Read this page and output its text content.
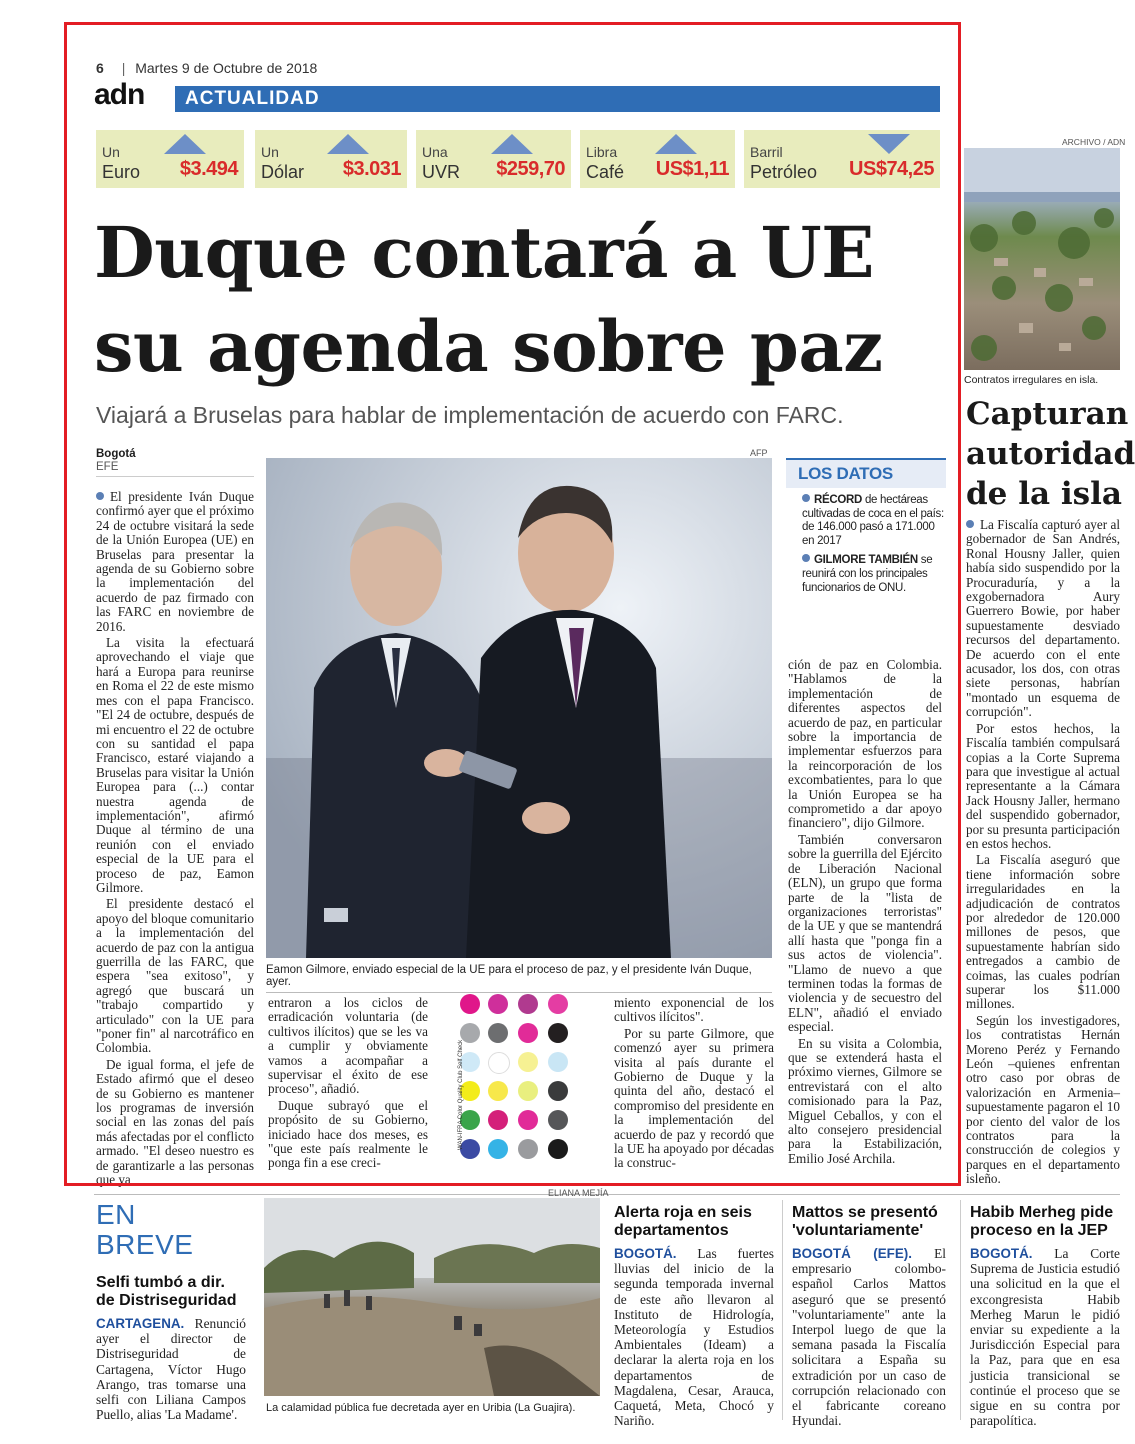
6 | Martes 9 de Octubre de 2018
adn ACTUALIDAD
Un
Euro $3.494
Un
Dólar $3.031
Una
UVR $259,70
Libra
Café US$1,11
Barril
Petróleo US$74,25
Duque contará a UE
su agenda sobre paz
Viajará a Bruselas para hablar de implementación de acuerdo con FARC.
Bogotá
EFE

El presidente Iván Duque confirmó ayer que el próximo 24 de octubre visitará la sede de la Unión Europea (UE) en Bruselas para presentar la agenda de su Gobierno sobre la implementación del acuerdo de paz firmado con las FARC en noviembre de 2016.

La visita la efectuará aprovechando el viaje que hará a Europa para reunirse en Roma el 22 de este mismo mes con el papa Francisco. "El 24 de octubre, después de mi encuentro el 22 de octubre con su santidad el papa Francisco, estaré viajando a Bruselas para visitar la Unión Europea para (...) contar nuestra agenda de implementación", afirmó Duque al término de una reunión con el enviado especial de la UE para el proceso de paz, Eamon Gilmore.

El presidente destacó el apoyo del bloque comunitario a la implementación del acuerdo de paz con la antigua guerrilla de las FARC, que espera "sea exitoso", y agregó que buscará un "trabajo compartido y articulado" con la UE para "poner fin" al narcotráfico en Colombia.

De igual forma, el jefe de Estado afirmó que el deseo de su Gobierno es mantener los programas de inversión social en las zonas del país más afectadas por el conflicto armado. "El deseo nuestro es de garantizarle a las personas que ya

AFP
Eamon Gilmore, enviado especial de la UE para el proceso de paz, y el presidente Iván Duque, ayer.

entraron a los ciclos de erradicación voluntaria (de cultivos ilícitos) que se les va a cumplir y obviamente vamos a acompañar a supervisar el éxito de ese proceso", añadió.

Duque subrayó que el propósito de su Gobierno, iniciado hace dos meses, es "que este país realmente le ponga fin a ese creci-

WAN-IFRA Color Quality Club Self Check

miento exponencial de los cultivos ilícitos".

Por su parte Gilmore, que comenzó ayer su primera visita al país durante el Gobierno de Duque y la quinta del año, destacó el compromiso del presidente en la implementación del acuerdo de paz y recordó que la UE ha apoyado por décadas la construc-

LOS DATOS
RÉCORD de hectáreas cultivadas de coca en el país: de 146.000 pasó a 171.000 en 2017
GILMORE TAMBIÉN se reunirá con los principales funcionarios de ONU.

ción de paz en Colombia. "Hablamos de la implementación de diferentes aspectos del acuerdo de paz, en particular sobre la importancia de implementar esfuerzos para la reincorporación de los excombatientes, para lo que la Unión Europea se ha comprometido a dar apoyo financiero", dijo Gilmore.

También conversaron sobre la guerrilla del Ejército de Liberación Nacional (ELN), un grupo que forma parte de la "lista de organizaciones terroristas" de la UE y que se mantendrá allí hasta que "ponga fin a sus actos de violencia". "Llamo de nuevo a que terminen todas la formas de violencia y de secuestro del ELN", añadió el enviado especial.

En su visita a Colombia, que se extenderá hasta el próximo viernes, Gilmore se entrevistará con el alto comisionado para la Paz, Miguel Ceballos, y con el alto consejero presidencial para la Estabilización, Emilio José Archila.

ARCHIVO / ADN
Contratos irregulares en isla.
Capturan
autoridad
de la isla

La Fiscalía capturó ayer al gobernador de San Andrés, Ronal Housny Jaller, quien había sido suspendido por la Procuraduría, y a la exgobernadora Aury Guerrero Bowie, por haber supuestamente desviado recursos del departamento. De acuerdo con el ente acusador, los dos, con otras siete personas, habrían "montado un esquema de corrupción".

Por estos hechos, la Fiscalía también compulsará copias a la Corte Suprema para que investigue al actual representante a la Cámara Jack Housny Jaller, hermano del suspendido gobernador, por su presunta participación en estos hechos.

La Fiscalía aseguró que tiene información sobre irregularidades en la adjudicación de contratos por alrededor de 120.000 millones de pesos, que supuestamente habrían sido entregados a cambio de coimas, las cuales podrían superar los $11.000 millones.

Según los investigadores, los contratistas Hernán Moreno Peréz y Fernando León –quienes enfrentan otro caso por obras de valorización en Armenia– supuestamente pagaron el 10 por ciento del valor de los contratos para la construcción de colegios y parques en el departamento isleño.

EN
BREVE
Selfi tumbó a dir. de Distriseguridad
CARTAGENA. Renunció ayer el director de Distriseguridad de Cartagena, Víctor Hugo Arango, tras tomarse una selfi con Liliana Campos Puello, alias 'La Madame'.
ELIANA MEJÍA
La calamidad pública fue decretada ayer en Uribia (La Guajira).
Alerta roja en seis departamentos
BOGOTÁ. Las fuertes lluvias del inicio de la segunda temporada invernal de este año llevaron al Instituto de Hidrología, Meteorología y Estudios Ambientales (Ideam) a declarar la alerta roja en los departamentos de Magdalena, Cesar, Arauca, Caquetá, Meta, Chocó y Nariño.
Mattos se presentó 'voluntariamente'
BOGOTÁ (EFE). El empresario colombo-español Carlos Mattos aseguró que se presentó "voluntariamente" ante la Interpol luego de que la semana pasada la Fiscalía solicitara a España su extradición por un caso de corrupción relacionado con el fabricante coreano Hyundai.
Habib Merheg pide proceso en la JEP
BOGOTÁ. La Corte Suprema de Justicia estudió una solicitud en la que el excongresista Habib Merheg Marun le pidió enviar su expediente a la Jurisdicción Especial para la Paz, para que en esa justicia transicional se continúe el proceso que se sigue en su contra por parapolítica.
